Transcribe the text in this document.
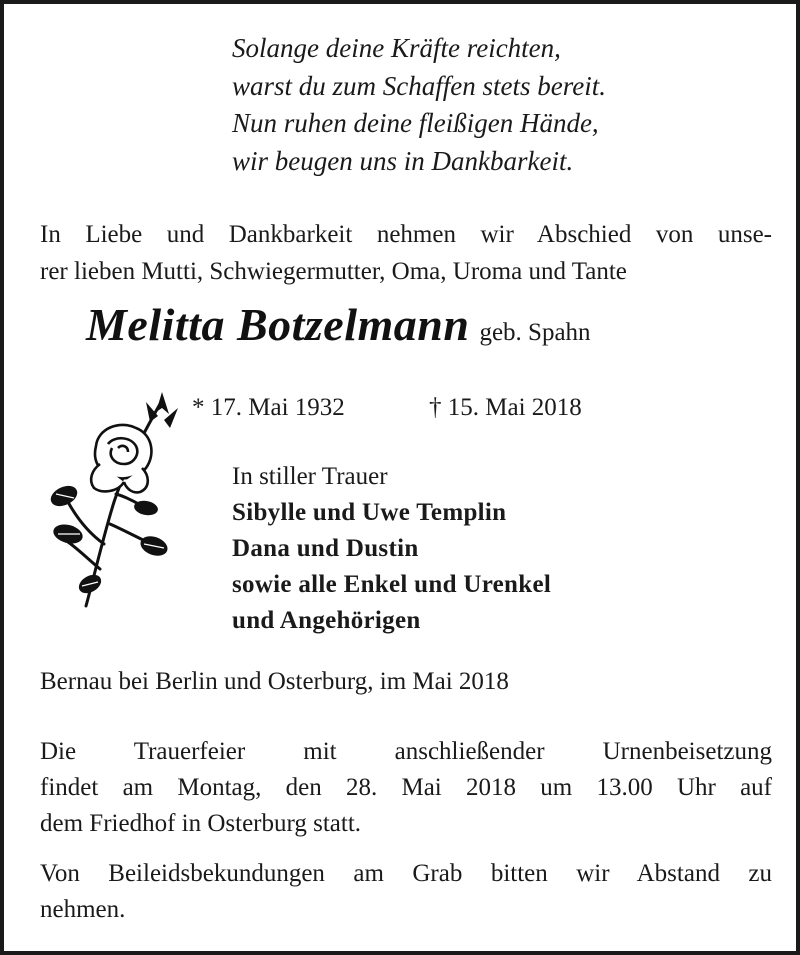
Solange deine Kräfte reichten,
warst du zum Schaffen stets bereit.
Nun ruhen deine fleißigen Hände,
wir beugen uns in Dankbarkeit.
In Liebe und Dankbarkeit nehmen wir Abschied von unse-
rer lieben Mutti, Schwiegermutter, Oma, Uroma und Tante
Melitta Botzelmann geb. Spahn
* 17. Mai 1932	† 15. Mai 2018
In stiller Trauer
Sibylle und Uwe Templin
Dana und Dustin
sowie alle Enkel und Urenkel
und Angehörigen
Bernau bei Berlin und Osterburg, im Mai 2018
Die Trauerfeier mit anschließender Urnenbeisetzung
findet am Montag, den 28. Mai 2018 um 13.00 Uhr auf
dem Friedhof in Osterburg statt.
Von Beileidsbekundungen am Grab bitten wir Abstand zu
nehmen.
